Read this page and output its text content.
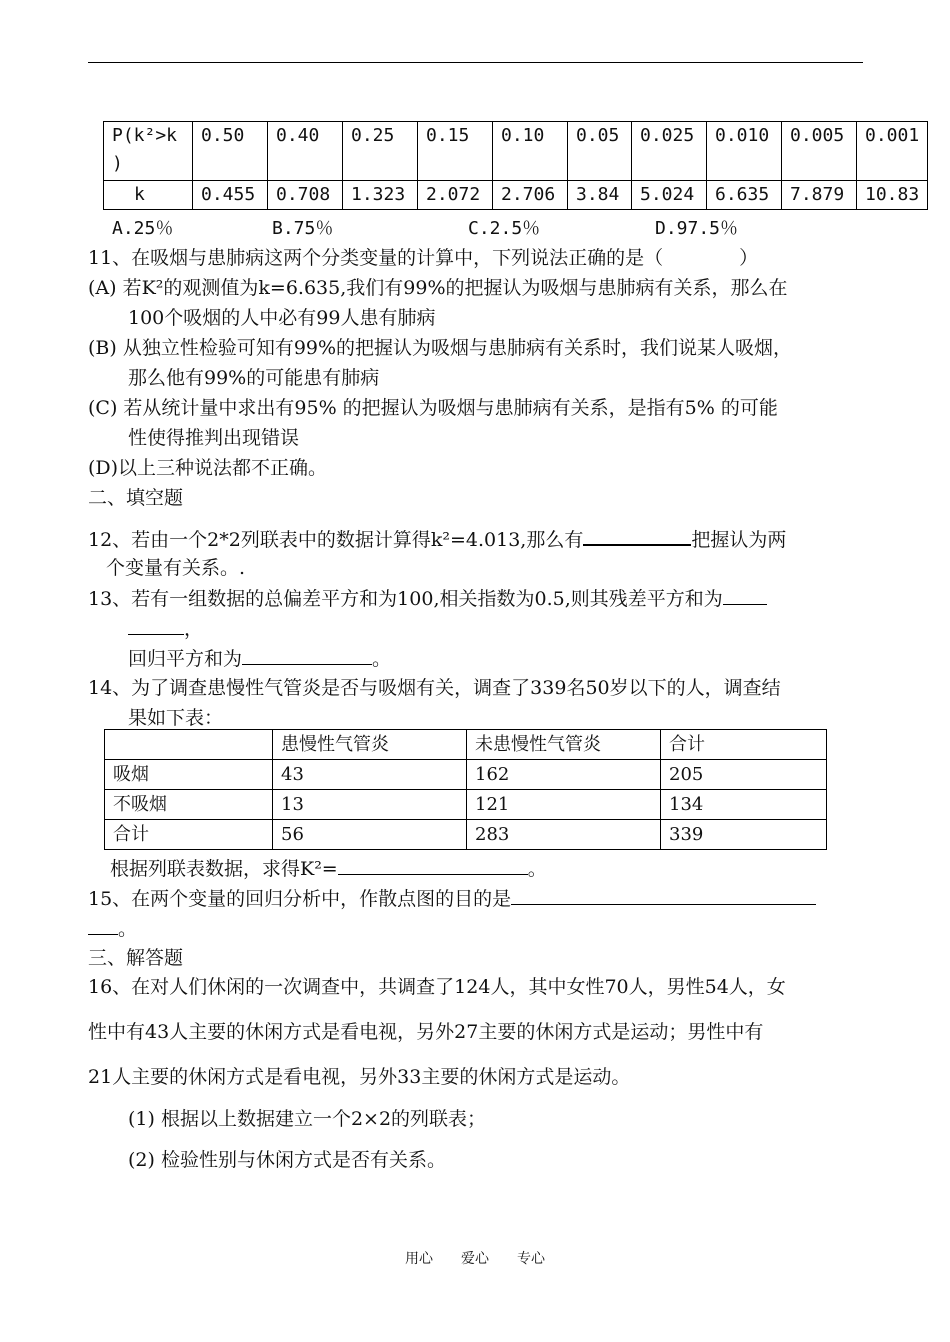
P(k²>k
)	0.50	0.40	0.25	0.15	0.10	0.05	0.025	0.010	0.005	0.001
k	0.455	0.708	1.323	2.072	2.706	3.84	5.024	6.635	7.879	10.83
A.25％	B.75％	C.2.5％	D.97.5％
11、在吸烟与患肺病这两个分类变量的计算中，下列说法正确的是（　　　　）
(A) 若K²的观测值为k=6.635,我们有99%的把握认为吸烟与患肺病有关系，那么在
100个吸烟的人中必有99人患有肺病
(B) 从独立性检验可知有99%的把握认为吸烟与患肺病有关系时，我们说某人吸烟，
那么他有99%的可能患有肺病
(C) 若从统计量中求出有95% 的把握认为吸烟与患肺病有关系，是指有5% 的可能
性使得推判出现错误
(D)以上三种说法都不正确。
二、填空题
12、若由一个2*2列联表中的数据计算得k²=4.013,那么有	把握认为两
个变量有关系。.
13、若有一组数据的总偏差平方和为100,相关指数为0.5,则其残差平方和为
，
回归平方和为	。
14、为了调查患慢性气管炎是否与吸烟有关，调查了339名50岁以下的人，调查结
果如下表：
	患慢性气管炎	未患慢性气管炎	合计
吸烟	43	162	205
不吸烟	13	121	134
合计	56	283	339
根据列联表数据，求得K²=	。
15、在两个变量的回归分析中，作散点图的目的是
。
三、解答题
16、在对人们休闲的一次调查中，共调查了124人，其中女性70人，男性54人，女
性中有43人主要的休闲方式是看电视，另外27主要的休闲方式是运动；男性中有
21人主要的休闲方式是看电视，另外33主要的休闲方式是运动。
(1) 根据以上数据建立一个2×2的列联表；
(2) 检验性别与休闲方式是否有关系。
用心 爱心 专心
